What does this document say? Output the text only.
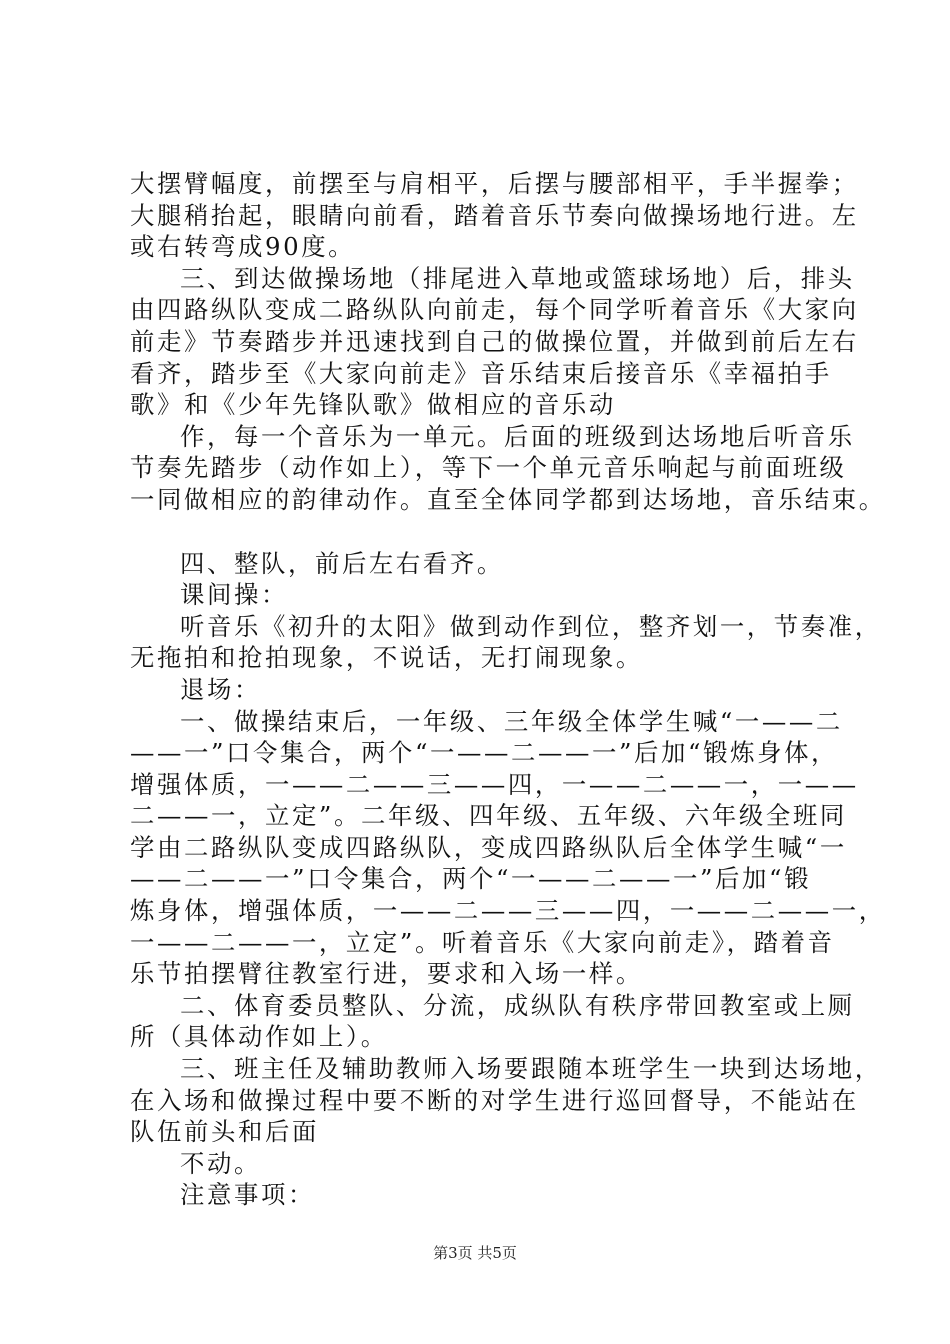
大摆臂幅度，前摆至与肩相平，后摆与腰部相平，手半握拳；
大腿稍抬起，眼睛向前看，踏着音乐节奏向做操场地行进。左
或右转弯成90度。
三、到达做操场地（排尾进入草地或篮球场地）后，排头
由四路纵队变成二路纵队向前走，每个同学听着音乐《大家向
前走》节奏踏步并迅速找到自己的做操位置，并做到前后左右
看齐，踏步至《大家向前走》音乐结束后接音乐《幸福拍手
歌》和《少年先锋队歌》做相应的音乐动
作，每一个音乐为一单元。后面的班级到达场地后听音乐
节奏先踏步（动作如上），等下一个单元音乐响起与前面班级
一同做相应的韵律动作。直至全体同学都到达场地，音乐结束。
四、整队，前后左右看齐。
课间操：
听音乐《初升的太阳》做到动作到位，整齐划一，节奏准，
无拖拍和抢拍现象，不说话，无打闹现象。
退场：
一、做操结束后，一年级、三年级全体学生喊“一——二
——一”口令集合，两个“一——二——一”后加“锻炼身体，
增强体质，一——二——三——四，一——二——一，一——
二——一，立定”。二年级、四年级、五年级、六年级全班同
学由二路纵队变成四路纵队，变成四路纵队后全体学生喊“一
——二——一”口令集合，两个“一——二——一”后加“锻
炼身体，增强体质，一——二——三——四，一——二——一，
一——二——一，立定”。听着音乐《大家向前走》，踏着音
乐节拍摆臂往教室行进，要求和入场一样。
二、体育委员整队、分流，成纵队有秩序带回教室或上厕
所（具体动作如上）。
三、班主任及辅助教师入场要跟随本班学生一块到达场地，
在入场和做操过程中要不断的对学生进行巡回督导，不能站在
队伍前头和后面
不动。
注意事项：
第3页 共5页
